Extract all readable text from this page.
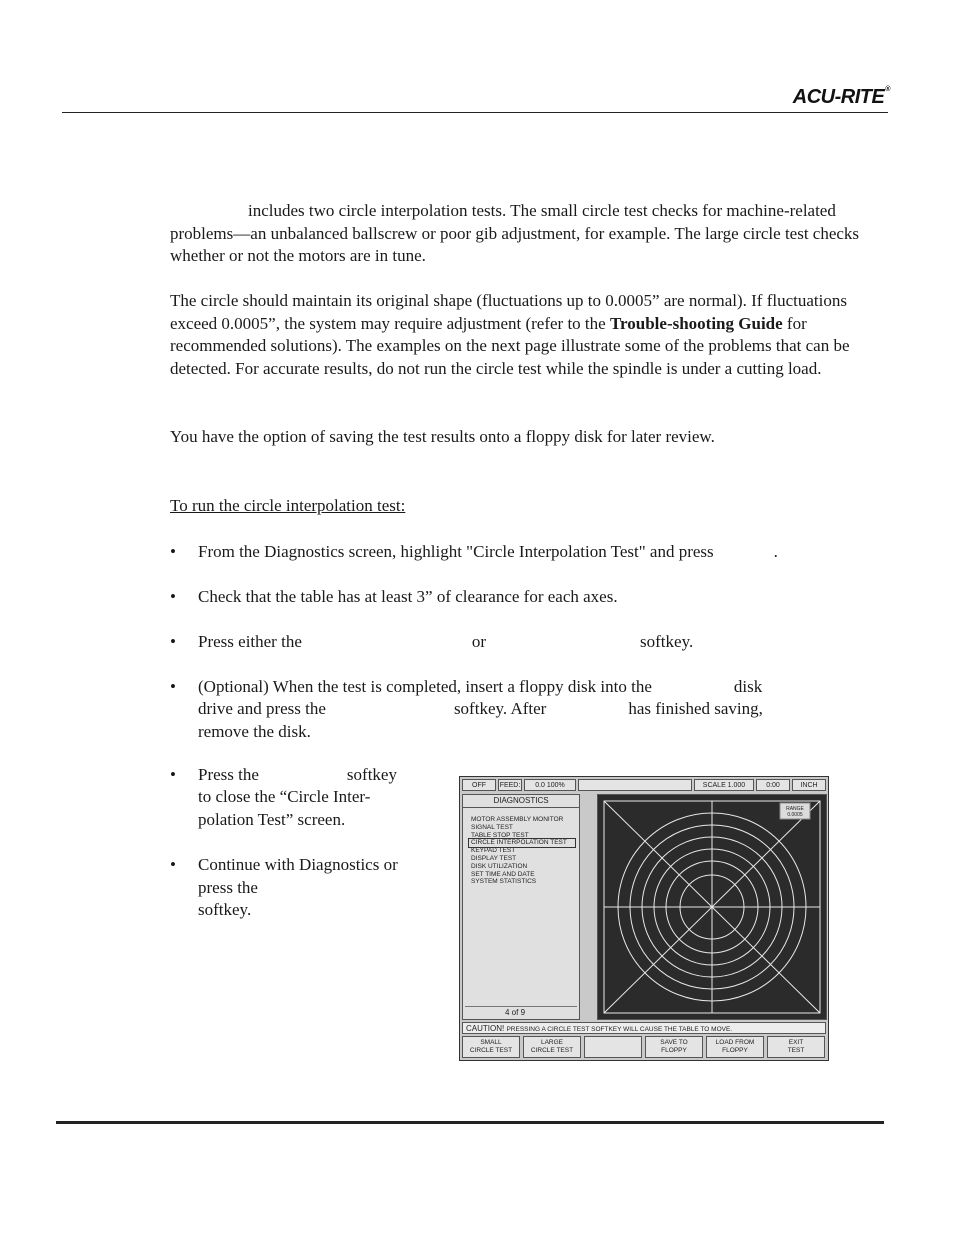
ACU-RITE®

includes two circle interpolation tests. The small circle test checks for machine-related problems—an unbalanced ballscrew or poor gib adjustment, for example. The large circle test checks whether or not the motors are in tune.

The circle should maintain its original shape (fluctuations up to 0.0005” are normal). If fluctuations exceed 0.0005”, the system may require adjustment (refer to the Trouble-shooting Guide for recommended solutions). The examples on the next page illustrate some of the problems that can be detected. For accurate results, do not run the circle test while the spindle is under a cutting load.

You have the option of saving the test results onto a floppy disk for later review.

To run the circle interpolation test:

• From the Diagnostics screen, highlight "Circle Interpolation Test" and press	.
• Check that the table has at least 3” of clearance for each axes.
• Press either the	or	softkey.
• (Optional) When the test is completed, insert a floppy disk into the	disk
drive and press the	softkey. After	has finished saving,
remove the disk.
• Press the	softkey
to close the “Circle Inter-
polation Test” screen.
• Continue with Diagnostics or
press the
softkey.
OFF	FEED:	0.0 100%	SCALE 1.000	0:00	INCH
DIAGNOSTICS
MOTOR ASSEMBLY MONITOR
SIGNAL TEST
TABLE STOP TEST
CIRCLE INTERPOLATION TEST
KEYPAD TEST
DISPLAY TEST
DISK UTILIZATION
SET TIME AND DATE
SYSTEM STATISTICS
4 of 9
RANGE
0.0005
CAUTION! PRESSING A CIRCLE TEST SOFTKEY WILL CAUSE THE TABLE TO MOVE.
SMALL
CIRCLE TEST
LARGE
CIRCLE TEST
SAVE TO
FLOPPY
LOAD FROM
FLOPPY
EXIT
TEST
